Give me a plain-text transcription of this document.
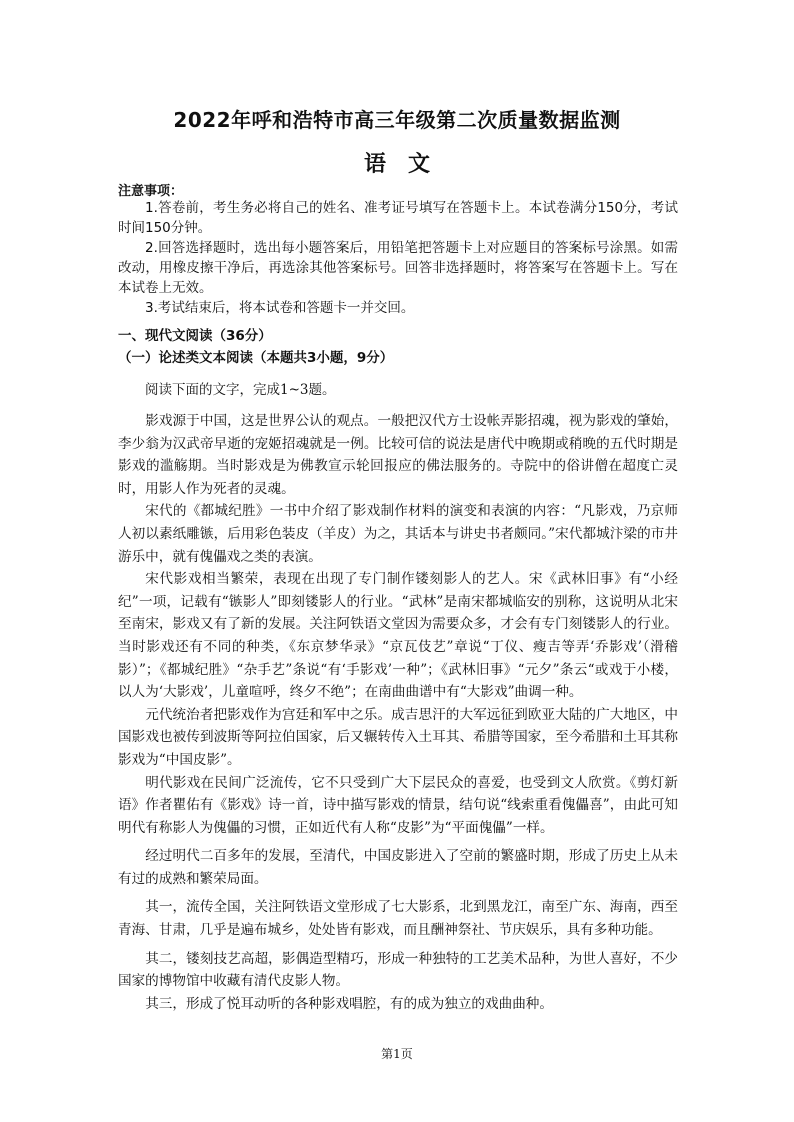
2022年呼和浩特市高三年级第二次质量数据监测
语文
注意事项：

1.答卷前，考生务必将自己的姓名、准考证号填写在答题卡上。本试卷满分150分，考试时间150分钟。

2.回答选择题时，选出每小题答案后，用铅笔把答题卡上对应题目的答案标号涂黑。如需改动，用橡皮擦干净后，再选涂其他答案标号。回答非选择题时，将答案写在答题卡上。写在本试卷上无效。

3.考试结束后，将本试卷和答题卡一并交回。

一、现代文阅读（36分）
（一）论述类文本阅读（本题共3小题，9分）

阅读下面的文字，完成1~3题。

影戏源于中国，这是世界公认的观点。一般把汉代方士设帐弄影招魂，视为影戏的肇始，李少翁为汉武帝早逝的宠姬招魂就是一例。比较可信的说法是唐代中晚期或稍晚的五代时期是影戏的滥觞期。当时影戏是为佛教宣示轮回报应的佛法服务的。寺院中的俗讲僧在超度亡灵时，用影人作为死者的灵魂。

宋代的《都城纪胜》一书中介绍了影戏制作材料的演变和表演的内容：“凡影戏，乃京师人初以素纸雕镞，后用彩色装皮（羊皮）为之，其话本与讲史书者颇同。”宋代都城汴梁的市井游乐中，就有傀儡戏之类的表演。

宋代影戏相当繁荣，表现在出现了专门制作镂刻影人的艺人。宋《武林旧事》有“小经纪”一项，记载有“镞影人”即刻镂影人的行业。“武林”是南宋都城临安的别称，这说明从北宋至南宋，影戏又有了新的发展。关注阿铁语文堂因为需要众多，才会有专门刻镂影人的行业。当时影戏还有不同的种类，《东京梦华录》“京瓦伎艺”章说“丁仪、瘦吉等弄‘乔影戏’（滑稽影）”；《都城纪胜》“杂手艺”条说“有‘手影戏’一种”；《武林旧事》“元夕”条云“或戏于小楼，以人为‘大影戏’，儿童喧呼，终夕不绝”；在南曲曲谱中有“大影戏”曲调一种。

元代统治者把影戏作为宫廷和军中之乐。成吉思汗的大军远征到欧亚大陆的广大地区，中国影戏也被传到波斯等阿拉伯国家，后又辗转传入土耳其、希腊等国家，至今希腊和土耳其称影戏为“中国皮影”。

明代影戏在民间广泛流传，它不只受到广大下层民众的喜爱，也受到文人欣赏。《剪灯新语》作者瞿佑有《影戏》诗一首，诗中描写影戏的情景，结句说“线索重看傀儡喜”，由此可知明代有称影人为傀儡的习惯，正如近代有人称“皮影”为“平面傀儡”一样。

经过明代二百多年的发展，至清代，中国皮影进入了空前的繁盛时期，形成了历史上从未有过的成熟和繁荣局面。

其一，流传全国，关注阿铁语文堂形成了七大影系，北到黑龙江，南至广东、海南，西至青海、甘肃，几乎是遍布城乡，处处皆有影戏，而且酬神祭社、节庆娱乐，具有多种功能。

其二，镂刻技艺高超，影偶造型精巧，形成一种独特的工艺美术品种，为世人喜好，不少国家的博物馆中收藏有清代皮影人物。

其三，形成了悦耳动听的各种影戏唱腔，有的成为独立的戏曲曲种。

第1页
